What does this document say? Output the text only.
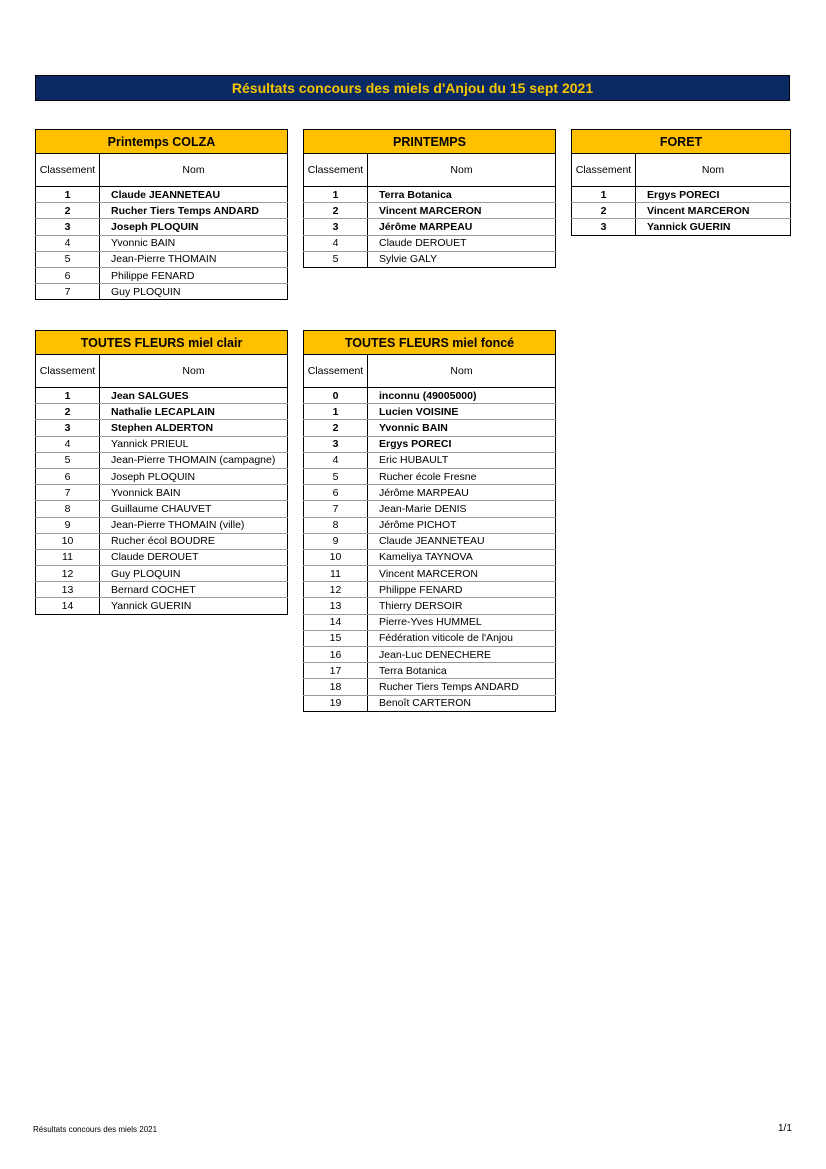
Résultats concours des miels d'Anjou du 15 sept 2021
Printemps COLZA	
Classement	Nom
1	Claude JEANNETEAU
2	Rucher Tiers Temps ANDARD
3	Joseph PLOQUIN
4	Yvonnic BAIN
5	Jean-Pierre THOMAIN
6	Philippe FENARD
7	Guy PLOQUIN
PRINTEMPS	
Classement	Nom
1	Terra Botanica
2	Vincent MARCERON
3	Jérôme MARPEAU
4	Claude DEROUET
5	Sylvie GALY
FORET	
Classement	Nom
1	Ergys PORECI
2	Vincent MARCERON
3	Yannick GUERIN
TOUTES FLEURS miel clair	
Classement	Nom
1	Jean SALGUES
2	Nathalie LECAPLAIN
3	Stephen ALDERTON
4	Yannick PRIEUL
5	Jean-Pierre THOMAIN (campagne)
6	Joseph PLOQUIN
7	Yvonnick BAIN
8	Guillaume CHAUVET
9	Jean-Pierre THOMAIN (ville)
10	Rucher écol BOUDRE
11	Claude DEROUET
12	Guy PLOQUIN
13	Bernard COCHET
14	Yannick GUERIN
TOUTES FLEURS miel foncé	
Classement	Nom
0	inconnu (49005000)
1	Lucien VOISINE
2	Yvonnic BAIN
3	Ergys PORECI
4	Eric HUBAULT
5	Rucher école Fresne
6	Jérôme MARPEAU
7	Jean-Marie DENIS
8	Jérôme PICHOT
9	Claude JEANNETEAU
10	Kameliya TAYNOVA
11	Vincent MARCERON
12	Philippe FENARD
13	Thierry DERSOIR
14	Pierre-Yves HUMMEL
15	Fédération viticole de l'Anjou
16	Jean-Luc DENECHERE
17	Terra Botanica
18	Rucher Tiers Temps ANDARD
19	Benoît CARTERON
Résultats concours des miels 2021	1/1
